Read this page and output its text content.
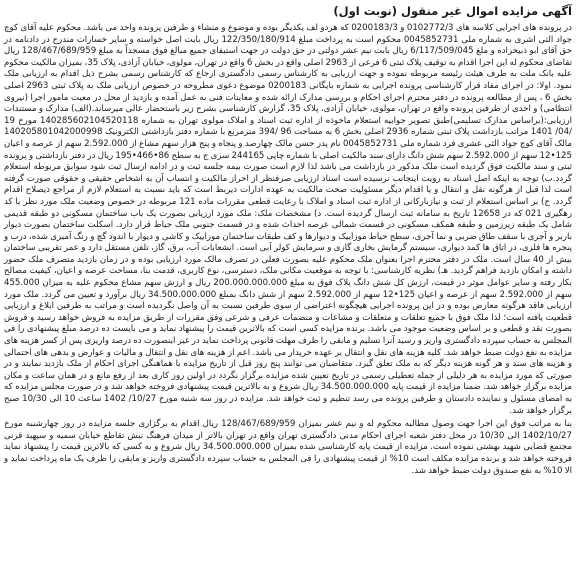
آگهی مزایده اموال غیر منقول (نوبت اول)

در پرونده های اجرایی کلاسه های 0102772/3 و 0200183/3 که هردو لف یکدیگر بوده و موضوع و منشاء و طرفین پرونده واحد می باشد. محکوم علیه آقای کوچ جواد الثی اشری به شماره ملی 0045852731 محکوم است به پرداخت مبلغ 122/350/180/914 ریال بابت اصل خواسته و سایر خسارات مندرج در دادنامه در حق آقای ابو ذبیحزاده و ملغ 6/117/509/045 ریال بابت نیم عشر دولتی در حق دولت در جهت استیفای جمیع مبالغ فوق مسجداً به مبلغ 128/467/689/959 ریال تقاضای محکوم له این اجرا اقدام به توقیف پلاک ثبتی 6 فرعی از 2963 اصلی واقع در بخش 6 واقع در تهران، مولوی، خیابان آزادی، پلاک 35، بمیزان مالکیت محکوم علیه بانک ملت به طرف هیئت رئیسه مربوطه نموده و جهت ارزیابی به کارشناس رسمی دادگستری ارجاع که کارشناس رسمی بشرح ذیل اقدام به ارزیابی ملک نمود. اولا: در اجرای مفاد قرار کارشناسی پرونده اجرایی به شماره بایگانی 0200183 موضوع دعوی مطروحه در خصوص ارزیابی ملک به پلاک ثبتی 2963 اصلی بخش 6 ، پس از مطالعه پرونده در دفتر محترم اجرای احکام و بررسی مدارک ارائه شده و معاینات فنی به عمل آمده و بازدید از محل در معیت مامور اجرا (نیروی انتظامی) و احدی از طرفین پرونده واقع در تهران، مولوی، خیابان آزادی، پلاک 35، گزارش کارشناسی بشرح زیر باستحضار عالی میرساند.(الف) مدارک و مستندات ارزیابی:(براساس مدارک تسلیمی)طبق تصویر جوابیه استعلام ماخوذه از اداره ثبت اسناد و املاک مولوی تهران به شماره 140285602104520118 مورخ 19 /04/ 1401 مراتب بازداشت پلاک ثبتی شماره 2936 اصلی بخش 6 به مساحت 96 /394 مترمربع با شماره دفتر بازداشتی الکترونیک 140205801042000998 مالک آقای کوچ جواد الثی عشری فرد شماره ملی 0045852731 نام پدر حسن مالک چهارصد و پنجاه و پنج هزار سهم مشاع از 2.592.000 سهم از عرصه و اعیان 125•12 سهم از 2.592.000 سهم شش دانگ دارای سند مالکیت اصلی با شماره چاپی 244165 سری ج به سطح 86•466•195 ریال در دفتر بازداشتی و پرونده ثبتی و سند مالکیت فوق گردیده است ملک مذکور در بازداشت می باشد لذا لازم است صورت بیمه جلسه ثبت و در ادامه ارسال ثبت شود سوابق مربوطه استعلام گردد.ب) توجه به اینکه اصل اسناد به رویت اینجانب نرسیده است اسناد ارزیابی صرفنظر از احراز مالکیت و انتساب آن به اشخاص حقیقی و حقوقی صورت گرفته است لذا قبل از هرگونه نقل و انتقال و یا اقدام دیگر مسئولیت صحت مالکیت به عهده ادارات ذیربط است که باید نسبت به استعلام لازم از مراجع ذیصلاح اقدام گردد. ج) بر اساس استعلام از ثبت و نیازبارکانی از اداره ثبت اسناد و املاک با رعایت قطعی مقررات ماده 121 مربوطه در خصوص وضعیت ملک مورد نظر با کد رهگیری 021 که در 12658 تاریخ به سامانه ثبت ارسال گردیده است. د) مشخصات ملک: ملک مورد ارزیابی بصورت یک باب ساختمان مسکونی دو طبقه قدیمی شامل یک طبقه زیرزمین و طبقه همکف مسکونی در قسمت شمالی عرصه احداث شده و در قسمت جنوبی ملک حیاط قرار دارد. اسکلت ساختمان بصورت دیوار باربر و آجری با سقف طاق ضربی و نما آجری، سطح حیاط موزاییک و دیوارها و کف طبقات ساختمان موزاییک و کاشی و دیوار با اندود گچ و رنگ آمیزی شده، درب و پنجره ها فلزی، در اتاق ها کمد دیواری، سیستم گرمایش بخاری گازی و سرمایش کولر آبی است. انشعابات آب، برق، گاز، تلفن مستقل دارد و عمر تقریبی ساختمان بیش از 40 سال است. ملک در دفتر محترم اجرا بعنوان ملک محکوم علیه بصورت فعلی در تصرف مالک مورد ارزیابی بوده و در زمان بازدید متصرف ملک حضور داشته و امکان بازدید فراهم گردید. هـ) نظریه کارشناسی: با توجه به موقعیت مکانی ملک، دسترسی، نوع کاربری، قدمت بنا، مساحت عرصه و اعیان، کیفیت مصالح بکار رفته و سایر عوامل موثر در قیمت، ارزش کل شش دانگ پلاک فوق به مبلغ 200.000.000.000 ریال و ارزش سهم مشاع محکوم علیه به میزان 455.000 سهم از 2.592.000 سهم از عرصه و اعیان 125•12 سهم از 2.592.000 سهم از شش دانگ بمبلغ 34.500.000.000 ریال برآورد و تعیین می گردد. ملک مورد ارزیابی فاقد هرگونه معارض بوده و در این پرونده اجرایی هیچگونه اعتراضی از سوی طرفین نسبت به آن واصل نگردیده است و مراتب به طرفین ابلاغ و ارزیابی قطعیت یافته است؛ لذا ملک فوق با جمیع تعلقات و متعلقات و مشاعات و منضمات عرفی و شرعی وفق مقررات از طریق مزایده به فروش خواهد رسید و فروش بصورت نقد و قطعی و بر اساس وضعیت موجود می باشد. برنده مزایده کسی است که بالاترین قیمت را پیشنهاد نماید و می بایست ده درصد مبلغ پیشنهادی را فی المجلس به حساب سپرده دادگستری واریز و رسید آنرا تسلیم و مابقی را ظرف مهلت قانونی پرداخت نماید در غیر اینصورت ده درصد واریزی پس از کسر هزینه های مزایده به نفع دولت ضبط خواهد شد. کلیه هزینه های نقل و انتقال بر عهده خریدار می باشد. اعم از هزینه های نقل و انتقال و مالیات و عوارض و بدهی های احتمالی و هزینه های سند و هر گونه هزینه دیگر که به ملک تعلق گیرد. متقاضیان می توانند پنج روز قبل از تاریخ مزایده با هماهنگی اجرای احکام از ملک بازدید نمایند و در صورتی که مورد مزایده به هر دلیلی از جمله تعطیلی رسمی در تاریخ تعیین شده مزایده برگزار نگردد در اولین روز کاری بعد از رفع مانع و در همان ساعت و مکان مزایده برگزار خواهد شد. ضمنا مزایده از قیمت پایه 34.500.000.000 ریال شروع و به بالاترین قیمت پیشنهادی فروخته خواهد شد و در صورت مجلس مزایده که به امضای مسئول و نماینده دادستان و طرفین پرونده می رسد تنظیم و ثبت خواهد شد. مزایده در روز سه شنبه مورخ 10/27/ 1402 ساعت 10 الی 10/30 صبح برگزار خواهد شد.

بنا به مراتب فوق این اجرا جهت وصول مطالبه محکوم له و نیم عشر بمیزان 128/467/689/959 ریال اقدام به برگزاری جلسه مزایده در روز چهارشنبه مورخ 1402/10/27 الی 10/30 در محل دفتر شعبه اجرای احکام مدنی دادگستری تهران واقع در تهران بالاتر از میدان فرهنگ نبش تقاطع خیابان سمیه و سپهبد قرنی مجتمع قضایی شهید بهشتی نموده است. مزایده از قیمت پایه کارشناسی شده بمیزان 34.500.000.000 ریال شروع و به کسی که بالاترین قیمت را پیشنهاد نماید فروخته خواهد شد و برنده مزایده مکلف است 10% از قیمت پیشنهادی را فی المجلس به حساب سپرده دادگستری واریز و مابقی را ظرف یک ماه پرداخت نماید و الا 10% به نفع صندوق دولت ضبط خواهد شد.
